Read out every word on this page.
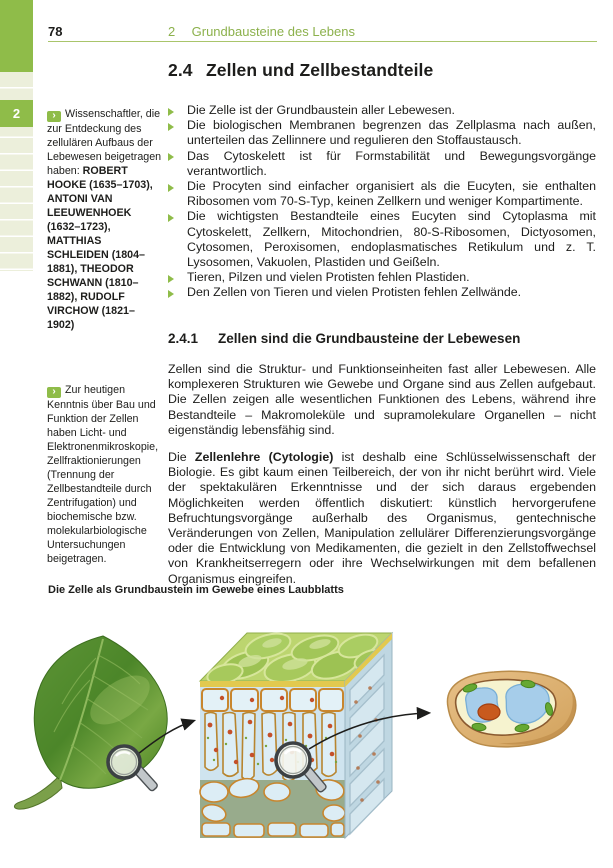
2
78	2 Grundbausteine des Lebens
2.4 Zellen und Zellbestandteile
Die Zelle ist der Grundbaustein aller Lebewesen.
Die biologischen Membranen begrenzen das Zellplasma nach außen, unterteilen das Zellinnere und regulieren den Stoffaustausch.
Das Cytoskelett ist für Formstabilität und Bewegungsvorgänge verantwortlich.
Die Procyten sind einfacher organisiert als die Eucyten, sie enthalten Ribosomen vom 70-S-Typ, keinen Zellkern und weniger Kompartimente.
Die wichtigsten Bestandteile eines Eucyten sind Cytoplasma mit Cytoskelett, Zellkern, Mitochondrien, 80-S-Ribosomen, Dictyosomen, Cytosomen, Peroxisomen, endoplasmatisches Retikulum und z. T. Lysosomen, Vakuolen, Plastiden und Geißeln.
Tieren, Pilzen und vielen Protisten fehlen Plastiden.
Den Zellen von Tieren und vielen Protisten fehlen Zellwände.
› Wissenschaftler, die zur Entdeckung des zellulären Aufbaus der Lebewesen beigetragen haben: ROBERT HOOKE (1635–1703), ANTONI VAN LEEUWENHOEK (1632–1723), MATTHIAS SCHLEIDEN (1804–1881), THEODOR SCHWANN (1810–1882), RUDOLF VIRCHOW (1821–1902)
2.4.1 Zellen sind die Grundbausteine der Lebewesen
Zellen sind die Struktur- und Funktionseinheiten fast aller Lebewesen. Alle komplexeren Strukturen wie Gewebe und Organe sind aus Zellen aufgebaut. Die Zellen zeigen alle wesentlichen Funktionen des Lebens, während ihre Bestandteile – Makromoleküle und supramolekulare Organellen – nicht eigenständig lebensfähig sind.
Die Zellenlehre (Cytologie) ist deshalb eine Schlüsselwissenschaft der Biologie. Es gibt kaum einen Teilbereich, der von ihr nicht berührt wird. Viele der spektakulären Erkenntnisse und der sich daraus ergebenden Möglichkeiten werden öffentlich diskutiert: künstlich hervorgerufene Befruchtungsvorgänge außerhalb des Organismus, gentechnische Veränderungen von Zellen, Manipulation zellulärer Differenzierungsvorgänge oder die Entwicklung von Medikamenten, die gezielt in den Zellstoffwechsel von Krankheitserregern oder ihre Wechselwirkungen mit dem befallenen Organismus eingreifen.
› Zur heutigen Kenntnis über Bau und Funktion der Zellen haben Licht- und Elektronenmikroskopie, Zellfraktionierungen (Trennung der Zellbestandteile durch Zentrifugation) und biochemische bzw. molekularbiologische Untersuchungen beigetragen.
Die Zelle als Grundbaustein im Gewebe eines Laubblatts
